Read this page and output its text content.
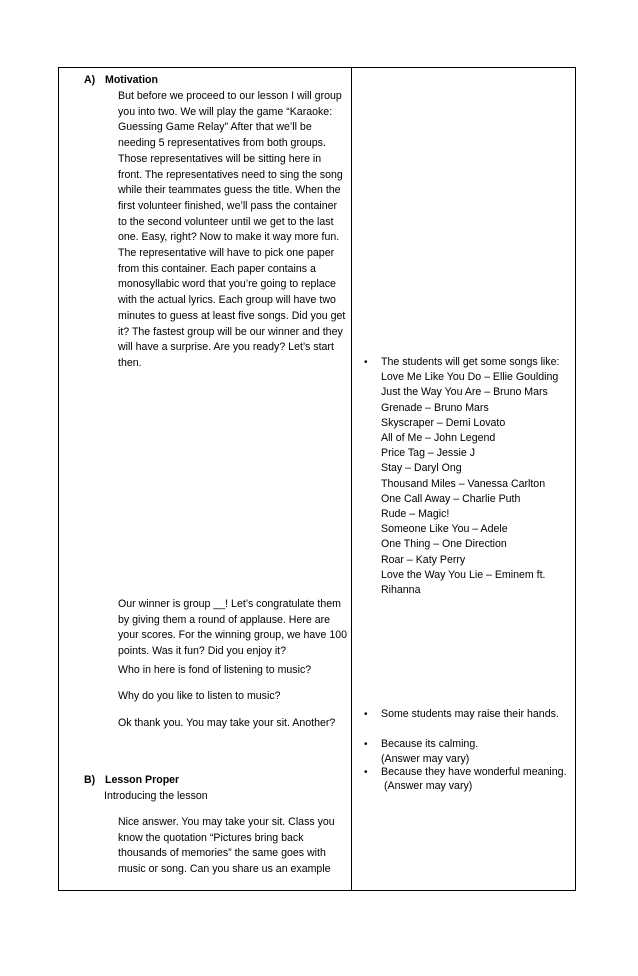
A) Motivation
But before we proceed to our lesson I will group
you into two. We will play the game “Karaoke:
Guessing Game Relay” After that we’ll be
needing 5 representatives from both groups.
Those representatives will be sitting here in
front. The representatives need to sing the song
while their teammates guess the title. When the
first volunteer finished, we’ll pass the container
to the second volunteer until we get to the last
one. Easy, right? Now to make it way more fun.
The representative will have to pick one paper
from this container. Each paper contains a
monosyllabic word that you’re going to replace
with the actual lyrics. Each group will have two
minutes to guess at least five songs. Did you get
it? The fastest group will be our winner and they
will have a surprise. Are you ready? Let’s start
then.
Our winner is group __! Let’s congratulate them
by giving them a round of applause. Here are
your scores. For the winning group, we have 100
points. Was it fun? Did you enjoy it?
Who in here is fond of listening to music?
Why do you like to listen to music?
Ok thank you. You may take your sit. Another?
B) Lesson Proper
Introducing the lesson
Nice answer. You may take your sit. Class you
know the quotation “Pictures bring back
thousands of memories” the same goes with
music or song. Can you share us an example
• The students will get some songs like:
Love Me Like You Do – Ellie Goulding
Just the Way You Are – Bruno Mars
Grenade – Bruno Mars
Skyscraper – Demi Lovato
All of Me – John Legend
Price Tag – Jessie J
Stay – Daryl Ong
Thousand Miles – Vanessa Carlton
One Call Away – Charlie Puth
Rude – Magic!
Someone Like You – Adele
One Thing – One Direction
Roar – Katy Perry
Love the Way You Lie – Eminem ft.
Rihanna
• Some students may raise their hands.
• Because its calming.
(Answer may vary)
• Because they have wonderful meaning.
(Answer may vary)
